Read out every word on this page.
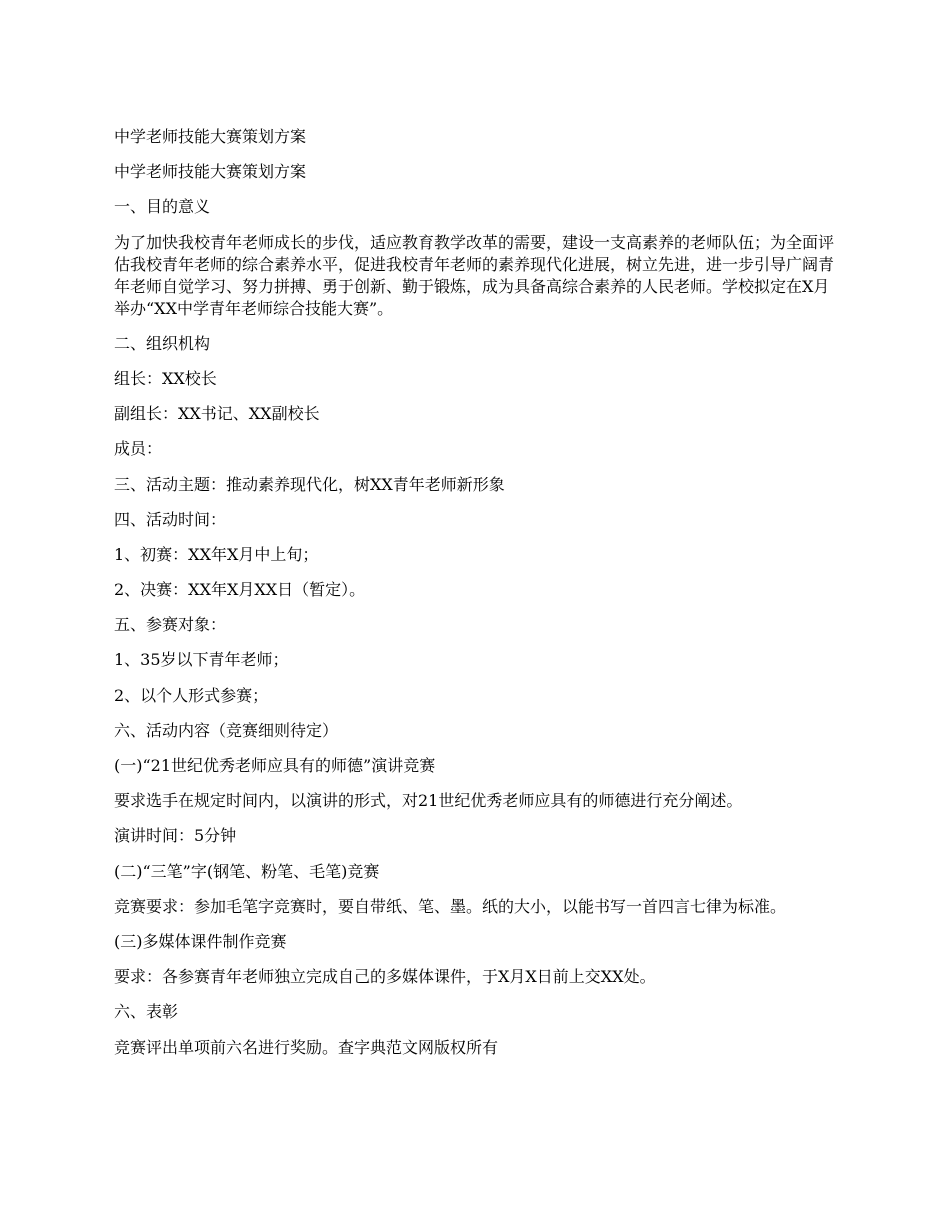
中学老师技能大赛策划方案

中学老师技能大赛策划方案

一、目的意义

为了加快我校青年老师成长的步伐，适应教育教学改革的需要，建设一支高素养的老师队伍；为全面评估我校青年老师的综合素养水平，促进我校青年老师的素养现代化进展，树立先进，进一步引导广阔青年老师自觉学习、努力拼搏、勇于创新、勤于锻炼，成为具备高综合素养的人民老师。学校拟定在X月举办“XX中学青年老师综合技能大赛”。

二、组织机构

组长：XX校长

副组长：XX书记、XX副校长

成员：

三、活动主题：推动素养现代化，树XX青年老师新形象

四、活动时间：

1、初赛：XX年X月中上旬；

2、决赛：XX年X月XX日（暂定）。

五、参赛对象：

1、35岁以下青年老师；

2、以个人形式参赛；

六、活动内容（竞赛细则待定）

(一)“21世纪优秀老师应具有的师德”演讲竞赛

要求选手在规定时间内，以演讲的形式，对21世纪优秀老师应具有的师德进行充分阐述。

演讲时间：5分钟

(二)“三笔”字(钢笔、粉笔、毛笔)竞赛

竞赛要求：参加毛笔字竞赛时，要自带纸、笔、墨。纸的大小，以能书写一首四言七律为标准。

(三)多媒体课件制作竞赛

要求：各参赛青年老师独立完成自己的多媒体课件，于X月X日前上交XX处。

六、表彰

竞赛评出单项前六名进行奖励。查字典范文网版权所有
